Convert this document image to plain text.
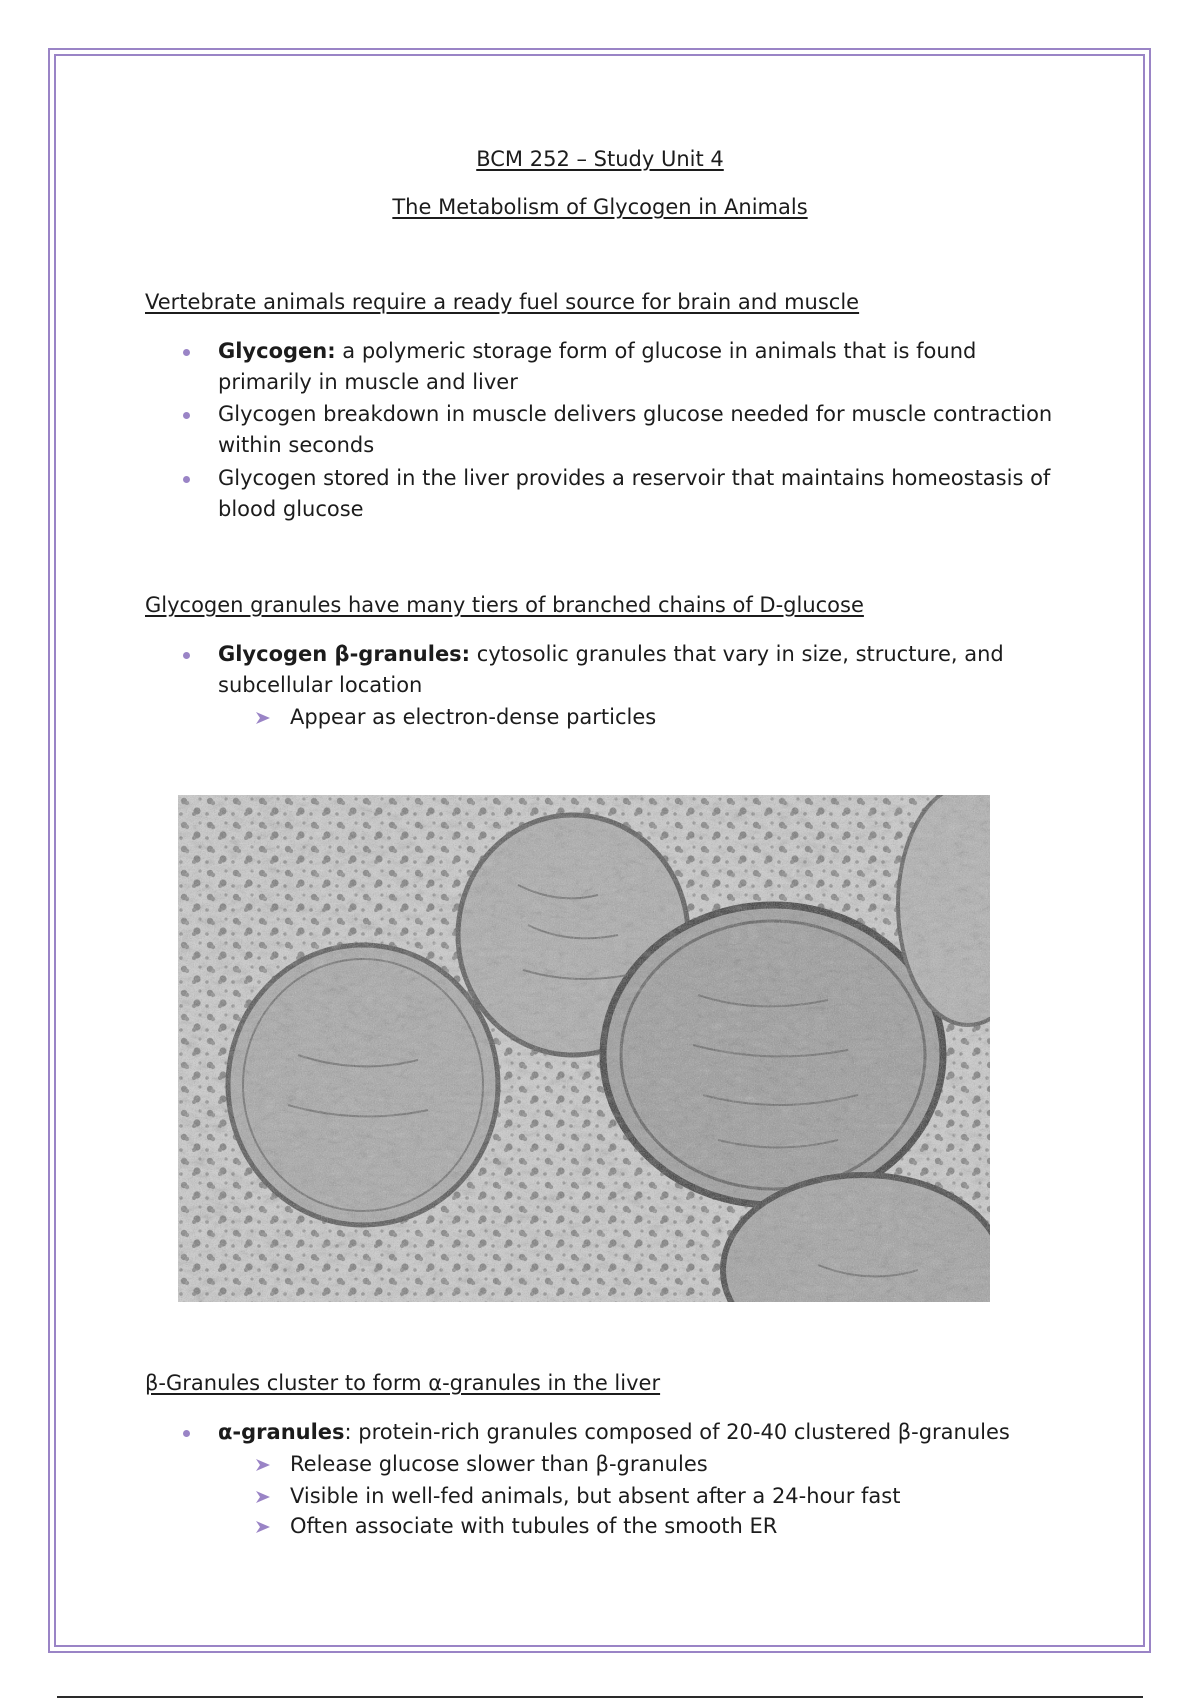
BCM 252 – Study Unit 4
The Metabolism of Glycogen in Animals
Vertebrate animals require a ready fuel source for brain and muscle
Glycogen: a polymeric storage form of glucose in animals that is found primarily in muscle and liver
Glycogen breakdown in muscle delivers glucose needed for muscle contraction within seconds
Glycogen stored in the liver provides a reservoir that maintains homeostasis of blood glucose
Glycogen granules have many tiers of branched chains of D-glucose
Glycogen β-granules: cytosolic granules that vary in size, structure, and subcellular location
Appear as electron-dense particles
β-Granules cluster to form α-granules in the liver
α-granules: protein-rich granules composed of 20-40 clustered β-granules
Release glucose slower than β-granules
Visible in well-fed animals, but absent after a 24-hour fast
Often associate with tubules of the smooth ER
